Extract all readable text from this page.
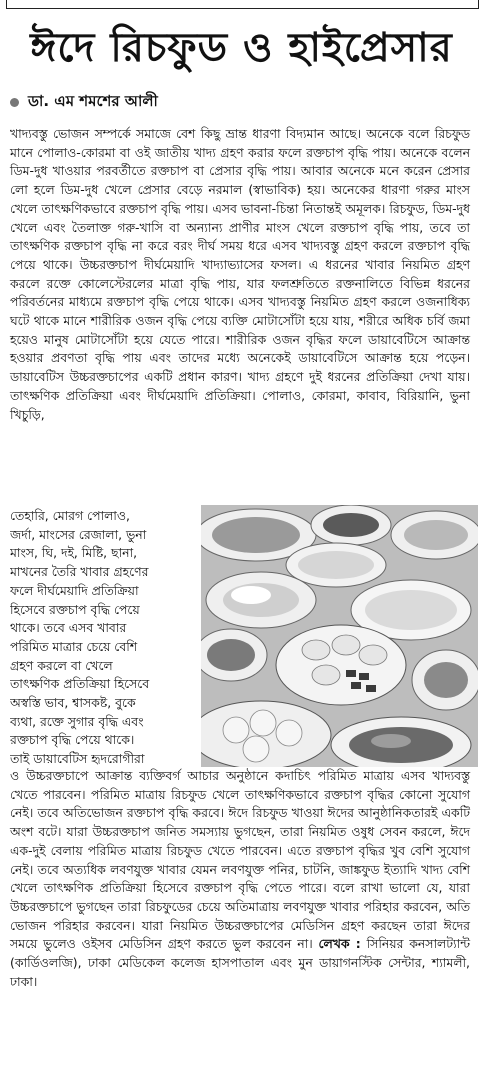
ঈদে রিচফুড ও হাইপ্রেসার
ডা. এম শমশের আলী

খাদ্যবস্তু ভোজন সম্পর্কে সমাজে বেশ কিছু ভ্রান্ত ধারণা বিদ্যমান আছে। অনেকে বলে রিচফুড মানে পোলাও-কোরমা বা ওই জাতীয় খাদ্য গ্রহণ করার ফলে রক্তচাপ বৃদ্ধি পায়। অনেকে বলেন ডিম-দুধ খাওয়ার পরবর্তীতে রক্তচাপ বা প্রেসার বৃদ্ধি পায়। আবার অনেকে মনে করেন প্রেসার লো হলে ডিম-দুধ খেলে প্রেসার বেড়ে নরমাল (স্বাভাবিক) হয়। অনেকের ধারণা গরুর মাংস খেলে তাৎক্ষণিকভাবে রক্তচাপ বৃদ্ধি পায়। এসব ভাবনা-চিন্তা নিতান্তই অমূলক। রিচফুড, ডিম-দুধ খেলে এবং তৈলাক্ত গরু-খাসি বা অন্যান্য প্রাণীর মাংস খেলে রক্তচাপ বৃদ্ধি পায়, তবে তা তাৎক্ষণিক রক্তচাপ বৃদ্ধি না করে বরং দীর্ঘ সময় ধরে এসব খাদ্যবস্তু গ্রহণ করলে রক্তচাপ বৃদ্ধি পেয়ে থাকে। উচ্চরক্তচাপ দীর্ঘমেয়াদি খাদ্যাভ্যাসের ফসল। এ ধরনের খাবার নিয়মিত গ্রহণ করলে রক্তে কোলেস্টেরলের মাত্রা বৃদ্ধি পায়, যার ফলশ্রুতিতে রক্তনালিতে বিভিন্ন ধরনের পরিবর্তনের মাধ্যমে রক্তচাপ বৃদ্ধি পেয়ে থাকে। এসব খাদ্যবস্তু নিয়মিত গ্রহণ করলে ওজনাধিক্য ঘটে থাকে মানে শারীরিক ওজন বৃদ্ধি পেয়ে ব্যক্তি মোটাসোঁটা হয়ে যায়, শরীরে অধিক চর্বি জমা হয়েও মানুষ মোটাসোঁটা হয়ে যেতে পারে। শারীরিক ওজন বৃদ্ধির ফলে ডায়াবেটিসে আক্রান্ত হওয়ার প্রবণতা বৃদ্ধি পায় এবং তাদের মধ্যে অনেকেই ডায়াবেটিসে আক্রান্ত হয়ে পড়েন। ডায়াবেটিস উচ্চরক্তচাপের একটি প্রধান কারণ। খাদ্য গ্রহণে দুই ধরনের প্রতিক্রিয়া দেখা যায়। তাৎক্ষণিক প্রতিক্রিয়া এবং দীর্ঘমেয়াদি প্রতিক্রিয়া। পোলাও, কোরমা, কাবাব, বিরিয়ানি, ভুনা খিচুড়ি,

তেহারি, মোরগ পোলাও,
জর্দা, মাংসের রেজালা, ভুনা
মাংস, ঘি, দই, মিষ্টি, ছানা,
মাখনের তৈরি খাবার গ্রহণের
ফলে দীর্ঘমেয়াদি প্রতিক্রিয়া
হিসেবে রক্তচাপ বৃদ্ধি পেয়ে
থাকে। তবে এসব খাবার
পরিমিত মাত্রার চেয়ে বেশি
গ্রহণ করলে বা খেলে
তাৎক্ষণিক প্রতিক্রিয়া হিসেবে
অস্বস্তি ভাব, শ্বাসকষ্ট, বুকে
ব্যথা, রক্তে সুগার বৃদ্ধি এবং
রক্তচাপ বৃদ্ধি পেয়ে থাকে।
তাই ডায়াবেটিস হৃদরোগীরা
ও উচ্চরক্তচাপে আক্রান্ত ব্যক্তিবর্গ আচার অনুষ্ঠানে কদাচিৎ পরিমিত মাত্রায় এসব খাদ্যবস্তু খেতে পারবেন। পরিমিত মাত্রায় রিচফুড খেলে তাৎক্ষণিকভাবে রক্তচাপ বৃদ্ধির কোনো সুযোগ নেই। তবে অতিভোজন রক্তচাপ বৃদ্ধি করবে। ঈদে রিচফুড খাওয়া ঈদের আনুষ্ঠানিকতারই একটি অংশ বটে। যারা উচ্চরক্তচাপ জনিত সমস্যায় ভুগছেন, তারা নিয়মিত ওষুধ সেবন করলে, ঈদে এক-দুই বেলায় পরিমিত মাত্রায় রিচফুড খেতে পারবেন। এতে রক্তচাপ বৃদ্ধির খুব বেশি সুযোগ নেই। তবে অত্যধিক লবণযুক্ত খাবার যেমন লবণযুক্ত পনির, চাটনি, জাঙ্কফুড ইত্যাদি খাদ্য বেশি খেলে তাৎক্ষণিক প্রতিক্রিয়া হিসেবে রক্তচাপ বৃদ্ধি পেতে পারে। বলে রাখা ভালো যে, যারা উচ্চরক্তচাপে ভুগছেন তারা রিচফুডের চেয়ে অতিমাত্রায় লবণযুক্ত খাবার পরিহার করবেন, অতি ভোজন পরিহার করবেন। যারা নিয়মিত উচ্চরক্তচাপের মেডিসিন গ্রহণ করছেন তারা ঈদের সময়ে ভুলেও ওইসব মেডিসিন গ্রহণ করতে ভুল করবেন না। লেখক : সিনিয়র কনসালট্যান্ট (কার্ডিওলজি), ঢাকা মেডিকেল কলেজ হাসপাতাল এবং মুন ডায়াগনস্টিক সেন্টার, শ্যামলী, ঢাকা।
